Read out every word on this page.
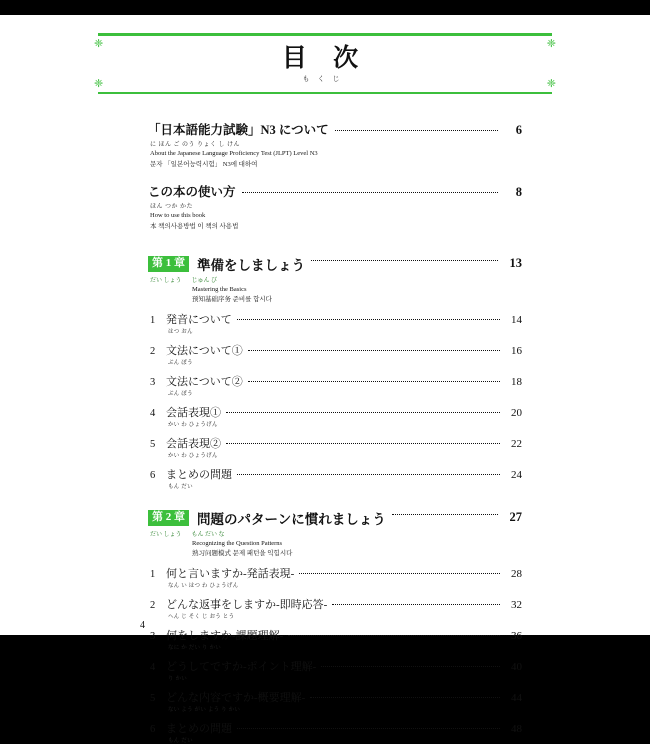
❈	❈
❈	❈
目 次
もくじ
「日本語能力試験」N3 について	6
に ほん ご のう りょく し けん
About the Japanese Language Proficiency Test (JLPT) Level N3
문자 「일본어능력시험」 N3에 대하여
この本の使い方	8
ほん つか かた
How to use this book
本 책의사용방법 이 책의 사용법
第 1 章 準備をしましょう	13
だい しょう じゅん び
Mastering the Basics
预知基础序务 준비를 합시다
1 発音について	14
はつ おん
2 文法について①	16
ぶん ぽう
3 文法について②	18
ぶん ぽう
4 会話表現①	20
かい わ ひょうげん
5 会話表現②	22
かい わ ひょうげん
6 まとめの問題	24
もん だい
第 2 章 問題のパターンに慣れましょう	27
だい しょう もん だい な
Recognizing the Question Patterns
熟习问题模式 문제 패턴을 익힙시다
1 何と言いますか-発話表現-	28
なん い はつ わ ひょうげん
2 どんな返事をしますか-即時応答-	32
へん じ そく じ おう とう
3 何をしますか-課題理解-	36
なに か だい り かい
4 どうしてですか-ポイント理解-	40
り かい
5 どんな内容ですか-概要理解-	44
ない よう がい よう り かい
6 まとめの問題	48
もん だい
4
